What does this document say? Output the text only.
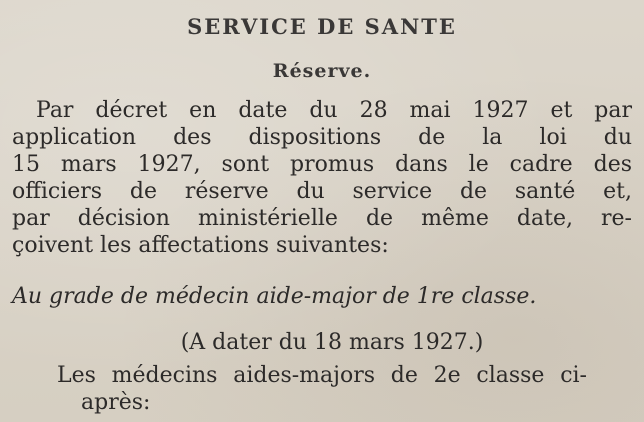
SERVICE DE SANTE
Réserve.
Par décret en date du 28 mai 1927 et par
application des dispositions de la loi du
15 mars 1927, sont promus dans le cadre des
officiers de réserve du service de santé et,
par décision ministérielle de même date, re-
çoivent les affectations suivantes:
Au grade de médecin aide-major de 1re classe.
(A dater du 18 mars 1927.)
Les médecins aides-majors de 2e classe ci-
après:
